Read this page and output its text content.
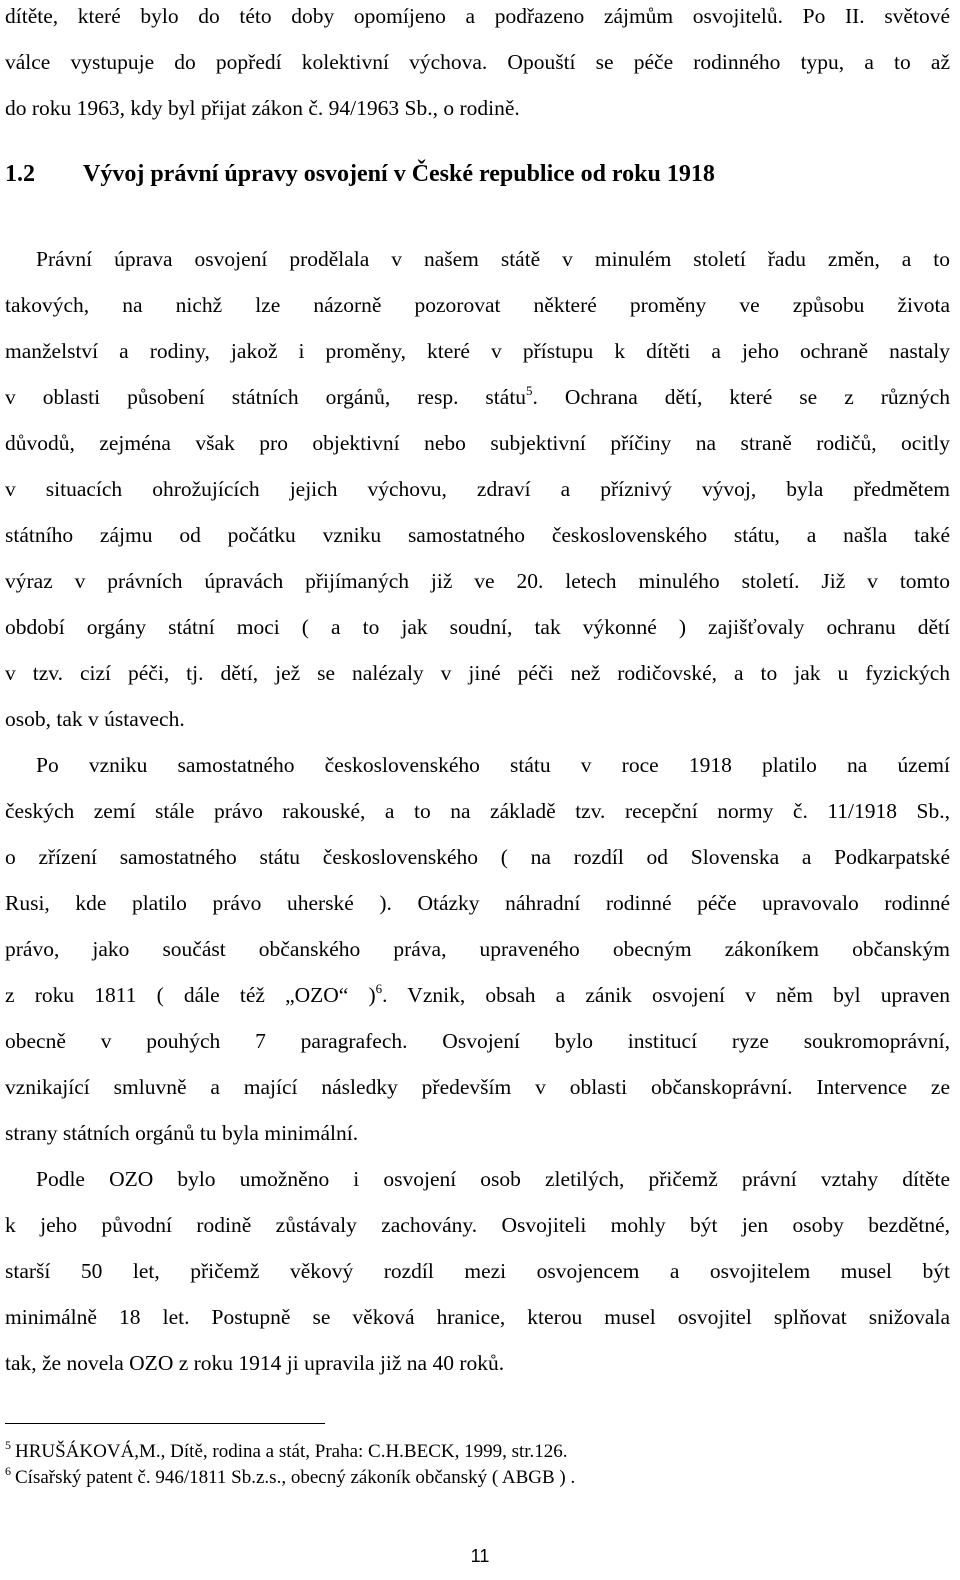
dítěte, které bylo do této doby opomíjeno a podřazeno zájmům osvojitelů. Po II. světové
válce vystupuje do popředí kolektivní výchova. Opouští se péče rodinného typu, a to až
do roku 1963, kdy byl přijat zákon č. 94/1963 Sb., o rodině.
1.2 Vývoj právní úpravy osvojení v České republice od roku 1918
Právní úprava osvojení prodělala v našem státě v minulém století řadu změn, a to
takových, na nichž lze názorně pozorovat některé proměny ve způsobu života
manželství a rodiny, jakož i proměny, které v přístupu k dítěti a jeho ochraně nastaly
v oblasti působení státních orgánů, resp. státu$^5$. Ochrana dětí, které se z různých
důvodů, zejména však pro objektivní nebo subjektivní příčiny na straně rodičů, ocitly
v situacích ohrožujících jejich výchovu, zdraví a příznivý vývoj, byla předmětem
státního zájmu od počátku vzniku samostatného československého státu, a našla také
výraz v právních úpravách přijímaných již ve 20. letech minulého století. Již v tomto
období orgány státní moci ( a to jak soudní, tak výkonné ) zajišťovaly ochranu dětí
v tzv. cizí péči, tj. dětí, jež se nalézaly v jiné péči než rodičovské, a to jak u fyzických
osob, tak v ústavech.
Po vzniku samostatného československého státu v roce 1918 platilo na území
českých zemí stále právo rakouské, a to na základě tzv. recepční normy č. 11/1918 Sb.,
o zřízení samostatného státu československého ( na rozdíl od Slovenska a Podkarpatské
Rusi, kde platilo právo uherské ). Otázky náhradní rodinné péče upravovalo rodinné
právo, jako součást občanského práva, upraveného obecným zákoníkem občanským
z roku 1811 ( dále též „OZO“ )$^6$. Vznik, obsah a zánik osvojení v něm byl upraven
obecně v pouhých 7 paragrafech. Osvojení bylo institucí ryze soukromoprávní,
vznikající smluvně a mající následky především v oblasti občanskoprávní. Intervence ze
strany státních orgánů tu byla minimální.
Podle OZO bylo umožněno i osvojení osob zletilých, přičemž právní vztahy dítěte
k jeho původní rodině zůstávaly zachovány. Osvojiteli mohly být jen osoby bezdětné,
starší 50 let, přičemž věkový rozdíl mezi osvojencem a osvojitelem musel být
minimálně 18 let. Postupně se věková hranice, kterou musel osvojitel splňovat snižovala
tak, že novela OZO z roku 1914 ji upravila již na 40 roků.
$^5$ HRUŠÁKOVÁ,M., Dítě, rodina a stát, Praha: C.H.BECK, 1999, str.126.
$^6$ Císařský patent č. 946/1811 Sb.z.s., obecný zákoník občanský ( ABGB ) .
11
